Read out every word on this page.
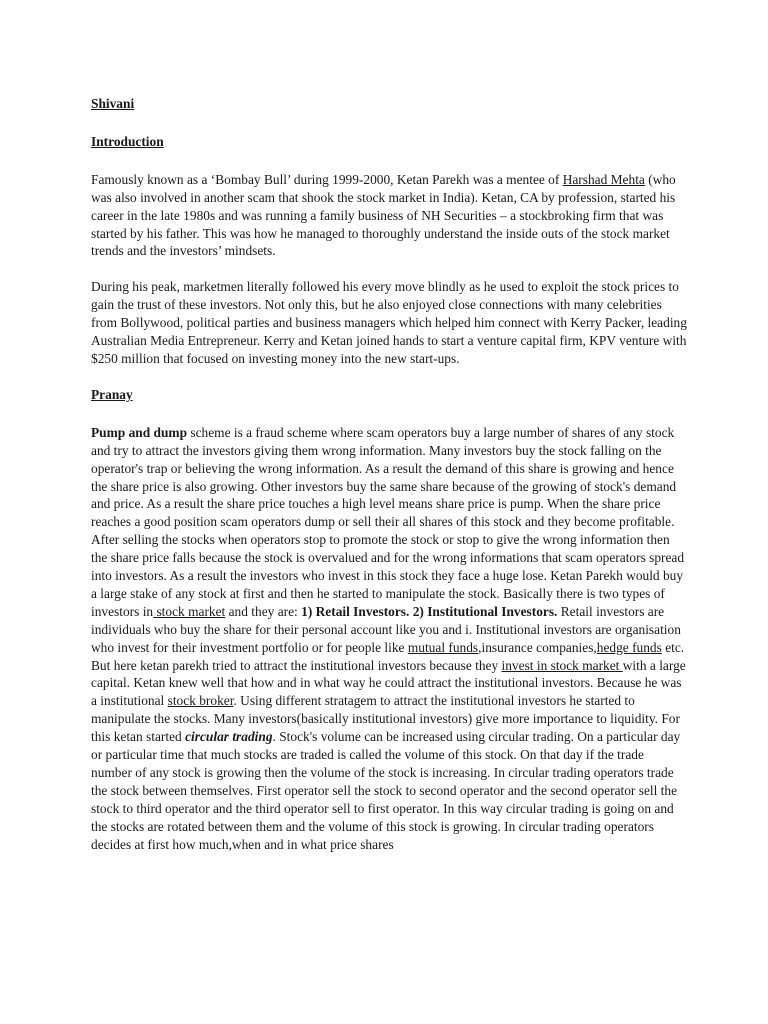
Shivani

Introduction

Famously known as a ‘Bombay Bull’ during 1999-2000, Ketan Parekh was a mentee of Harshad Mehta (who was also involved in another scam that shook the stock market in India). Ketan, CA by profession, started his career in the late 1980s and was running a family business of NH Securities – a stockbroking firm that was started by his father. This was how he managed to thoroughly understand the inside outs of the stock market trends and the investors’ mindsets.

During his peak, marketmen literally followed his every move blindly as he used to exploit the stock prices to gain the trust of these investors. Not only this, but he also enjoyed close connections with many celebrities from Bollywood, political parties and business managers which helped him connect with Kerry Packer, leading Australian Media Entrepreneur. Kerry and Ketan joined hands to start a venture capital firm, KPV venture with $250 million that focused on investing money into the new start-ups.

Pranay

Pump and dump scheme is a fraud scheme where scam operators buy a large number of shares of any stock and try to attract the investors giving them wrong information. Many investors buy the stock falling on the operator's trap or believing the wrong information. As a result the demand of this share is growing and hence the share price is also growing. Other investors buy the same share because of the growing of stock's demand and price. As a result the share price touches a high level means share price is pump. When the share price reaches a good position scam operators dump or sell their all shares of this stock and they become profitable. After selling the stocks when operators stop to promote the stock or stop to give the wrong information then the share price falls because the stock is overvalued and for the wrong informations that scam operators spread into investors. As a result the investors who invest in this stock they face a huge lose. Ketan Parekh would buy a large stake of any stock at first and then he started to manipulate the stock. Basically there is two types of investors in stock market and they are: 1) Retail Investors. 2) Institutional Investors. Retail investors are individuals who buy the share for their personal account like you and i. Institutional investors are organisation who invest for their investment portfolio or for people like mutual funds,insurance companies,hedge funds etc. But here ketan parekh tried to attract the institutional investors because they invest in stock market with a large capital. Ketan knew well that how and in what way he could attract the institutional investors. Because he was a institutional stock broker. Using different stratagem to attract the institutional investors he started to manipulate the stocks. Many investors(basically institutional investors) give more importance to liquidity. For this ketan started circular trading. Stock's volume can be increased using circular trading. On a particular day or particular time that much stocks are traded is called the volume of this stock. On that day if the trade number of any stock is growing then the volume of the stock is increasing. In circular trading operators trade the stock between themselves. First operator sell the stock to second operator and the second operator sell the stock to third operator and the third operator sell to first operator. In this way circular trading is going on and the stocks are rotated between them and the volume of this stock is growing. In circular trading operators decides at first how much,when and in what price shares
